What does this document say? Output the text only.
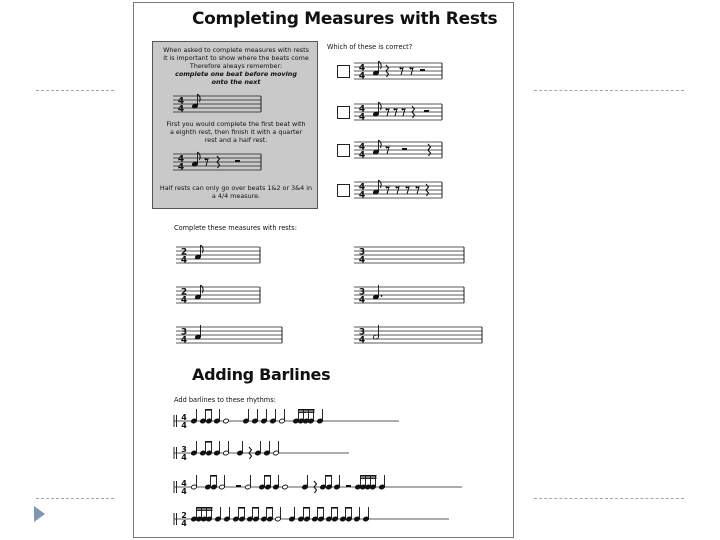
Completing Measures with Rests
When asked to complete measures with rests
it is important to show where the beats come
Therefore always remember:
complete one beat before moving
onto the next
4
4
First you would complete the first beat with
a eighth rest, then finish it with a quarter
rest and a half rest.
4
4
Half rests can only go over beats 1&2 or 3&4 in
a 4/4 measure.
Which of these is correct?
4
4
4
4
4
4
4
4
Complete these measures with rests:
2
4
3
4
2
4
3
4
3
4
3
4
Adding Barlines
Add barlines to these rhythms:
4
4
3
4
4
4
2
4
